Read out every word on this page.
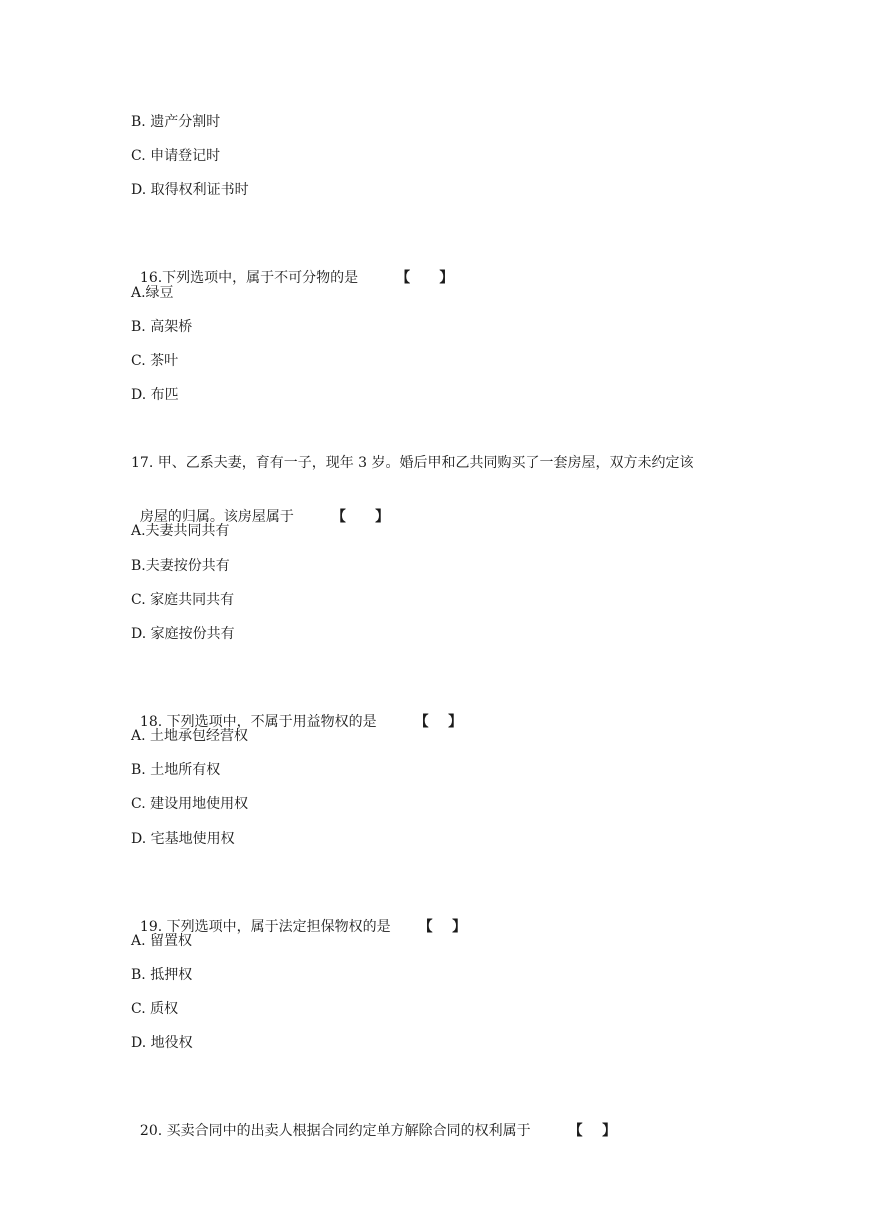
B. 遗产分割时

C. 申请登记时

D. 取得权利证书时

16.下列选项中，属于不可分物的是	【      】

A.绿豆

B. 高架桥

C. 茶叶

D. 布匹

17. 甲、乙系夫妻，育有一子，现年 3 岁。婚后甲和乙共同购买了一套房屋，双方未约定该

房屋的归属。该房屋属于	【      】

A.夫妻共同共有

B.夫妻按份共有

C. 家庭共同共有

D. 家庭按份共有

18. 下列选项中，不属于用益物权的是	【    】

A. 土地承包经营权

B. 土地所有权

C. 建设用地使用权

D. 宅基地使用权

19. 下列选项中，属于法定担保物权的是 【    】

A. 留置权

B. 抵押权

C. 质权

D. 地役权

20. 买卖合同中的出卖人根据合同约定单方解除合同的权利属于	【    】
